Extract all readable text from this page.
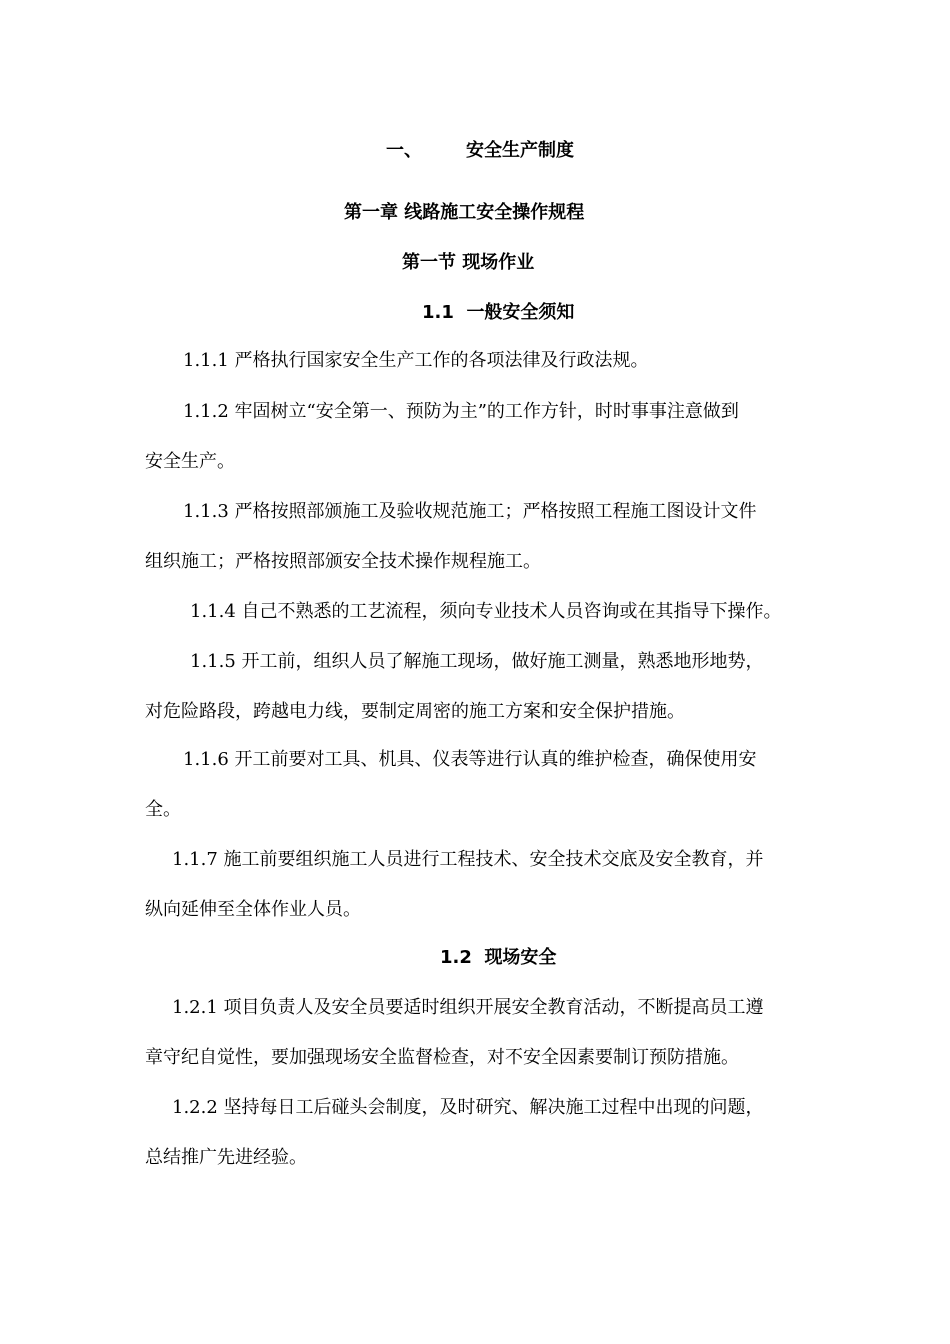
一、 安全生产制度
第一章 线路施工安全操作规程
第一节 现场作业
1.1 一般安全须知
1.1.1 严格执行国家安全生产工作的各项法律及行政法规。
1.1.2 牢固树立“安全第一、预防为主”的工作方针，时时事事注意做到
安全生产。
1.1.3 严格按照部颁施工及验收规范施工；严格按照工程施工图设计文件
组织施工；严格按照部颁安全技术操作规程施工。
1.1.4 自己不熟悉的工艺流程，须向专业技术人员咨询或在其指导下操作。
1.1.5 开工前，组织人员了解施工现场，做好施工测量，熟悉地形地势，
对危险路段，跨越电力线，要制定周密的施工方案和安全保护措施。
1.1.6 开工前要对工具、机具、仪表等进行认真的维护检查，确保使用安
全。
1.1.7 施工前要组织施工人员进行工程技术、安全技术交底及安全教育，并
纵向延伸至全体作业人员。
1.2 现场安全
1.2.1 项目负责人及安全员要适时组织开展安全教育活动，不断提高员工遵
章守纪自觉性，要加强现场安全监督检查，对不安全因素要制订预防措施。
1.2.2 坚持每日工后碰头会制度，及时研究、解决施工过程中出现的问题，
总结推广先进经验。
